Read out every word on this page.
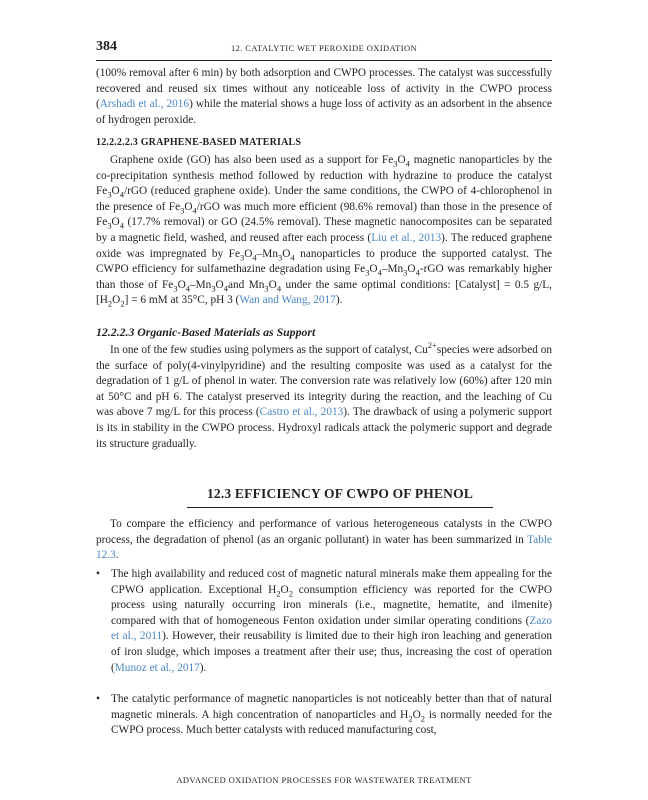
384	12. CATALYTIC WET PEROXIDE OXIDATION

(100% removal after 6 min) by both adsorption and CWPO processes. The catalyst was successfully recovered and reused six times without any noticeable loss of activity in the CWPO process (Arshadi et al., 2016) while the material shows a huge loss of activity as an adsorbent in the absence of hydrogen peroxide.

12.2.2.2.3 GRAPHENE-BASED MATERIALS

Graphene oxide (GO) has also been used as a support for $Fe_3O_4$ magnetic nanoparticles by the co-precipitation synthesis method followed by reduction with hydrazine to produce the catalyst $Fe_3O_4$/rGO (reduced graphene oxide). Under the same conditions, the CWPO of 4-chlorophenol in the presence of $Fe_3O_4$/rGO was much more efficient (98.6% removal) than those in the presence of $Fe_3O_4$ (17.7% removal) or GO (24.5% removal). These magnetic nanocomposites can be separated by a magnetic field, washed, and reused after each process (Liu et al., 2013). The reduced graphene oxide was impregnated by $Fe_3O_4-Mn_3O_4$ nanoparticles to produce the supported catalyst. The CWPO efficiency for sulfamethazine degradation using $Fe_3O_4-Mn_3O_4$-rGO was remarkably higher than those of $Fe_3O_4-Mn_3O_4and$ $Mn_3O_4$ under the same optimal conditions: [Catalyst] = 0.5 g/L, $[H_2O_2] = 6$ mM at 35°C, pH 3 (Wan and Wang, 2017).

12.2.2.3 Organic-Based Materials as Support

In one of the few studies using polymers as the support of catalyst, $Cu^{2+}species$ were adsorbed on the surface of poly(4-vinylpyridine) and the resulting composite was used as a catalyst for the degradation of 1 g/L of phenol in water. The conversion rate was relatively low (60%) after 120 min at 50°C and pH 6. The catalyst preserved its integrity during the reaction, and the leaching of Cu was above 7 mg/L for this process (Castro et al., 2013). The drawback of using a polymeric support is its in stability in the CWPO process. Hydroxyl radicals attack the polymeric support and degrade its structure gradually.

12.3 EFFICIENCY OF CWPO OF PHENOL

To compare the efficiency and performance of various heterogeneous catalysts in the CWPO process, the degradation of phenol (as an organic pollutant) in water has been summarized in Table 12.3.

• The high availability and reduced cost of magnetic natural minerals make them appealing for the CPWO application. Exceptional $H_2O_2$ consumption efficiency was reported for the CWPO process using naturally occurring iron minerals (i.e., magnetite, hematite, and ilmenite) compared with that of homogeneous Fenton oxidation under similar operating conditions (Zazo et al., 2011). However, their reusability is limited due to their high iron leaching and generation of iron sludge, which imposes a treatment after their use; thus, increasing the cost of operation (Munoz et al., 2017).
• The catalytic performance of magnetic nanoparticles is not noticeably better than that of natural magnetic minerals. A high concentration of nanoparticles and $H_2O_2$ is normally needed for the CWPO process. Much better catalysts with reduced manufacturing cost,
ADVANCED OXIDATION PROCESSES FOR WASTEWATER TREATMENT
